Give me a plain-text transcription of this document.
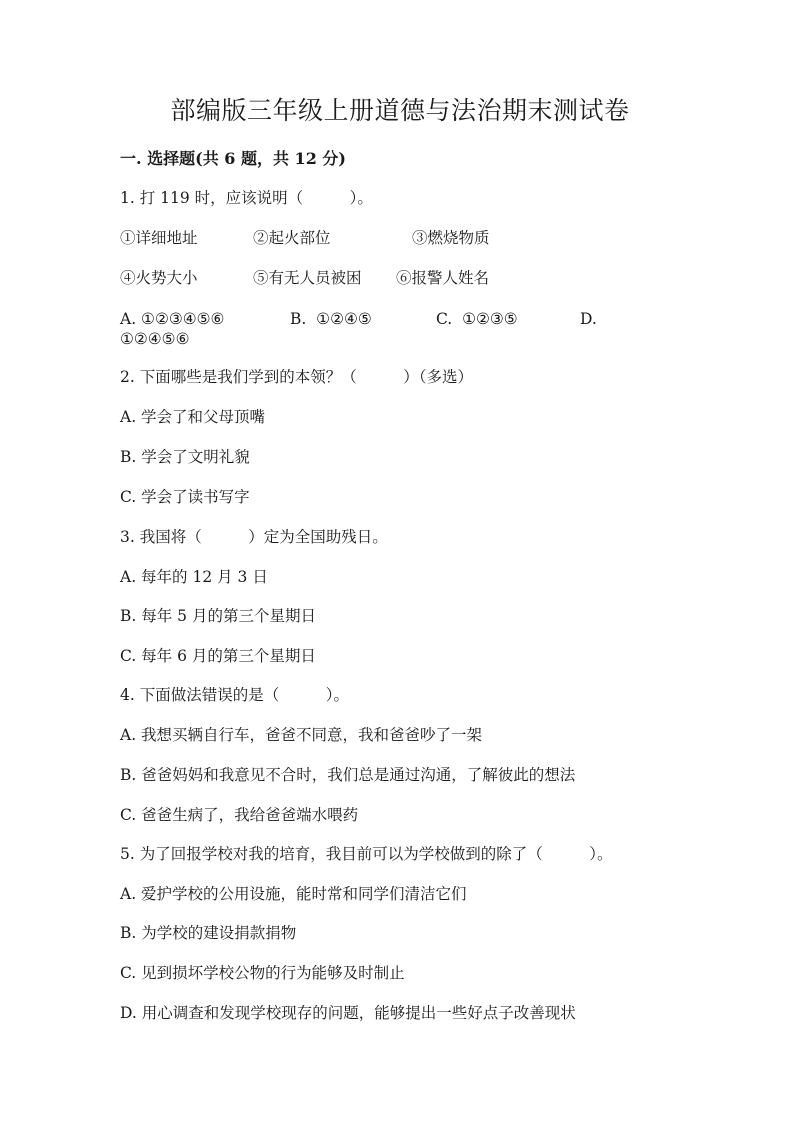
部编版三年级上册道德与法治期末测试卷
一. 选择题(共 6 题，共 12 分)
1. 打 119 时，应该说明（　　　）。
①详细地址	②起火部位	③燃烧物质
④火势大小	⑤有无人员被困 ⑥报警人姓名
A. ①②③④⑤⑥	B.  ①②④⑤	C.  ①②③⑤	D.
①②④⑤⑥
2. 下面哪些是我们学到的本领？（　　　）（多选）
A. 学会了和父母顶嘴
B. 学会了文明礼貌
C. 学会了读书写字
3. 我国将（　　　）定为全国助残日。
A. 每年的 12 月 3 日
B. 每年 5 月的第三个星期日
C. 每年 6 月的第三个星期日
4. 下面做法错误的是（　　　）。
A. 我想买辆自行车，爸爸不同意，我和爸爸吵了一架
B. 爸爸妈妈和我意见不合时，我们总是通过沟通，了解彼此的想法
C. 爸爸生病了，我给爸爸端水喂药
5. 为了回报学校对我的培育，我目前可以为学校做到的除了（　　　）。
A. 爱护学校的公用设施，能时常和同学们清洁它们
B. 为学校的建设捐款捐物
C. 见到损坏学校公物的行为能够及时制止
D. 用心调查和发现学校现存的问题，能够提出一些好点子改善现状
